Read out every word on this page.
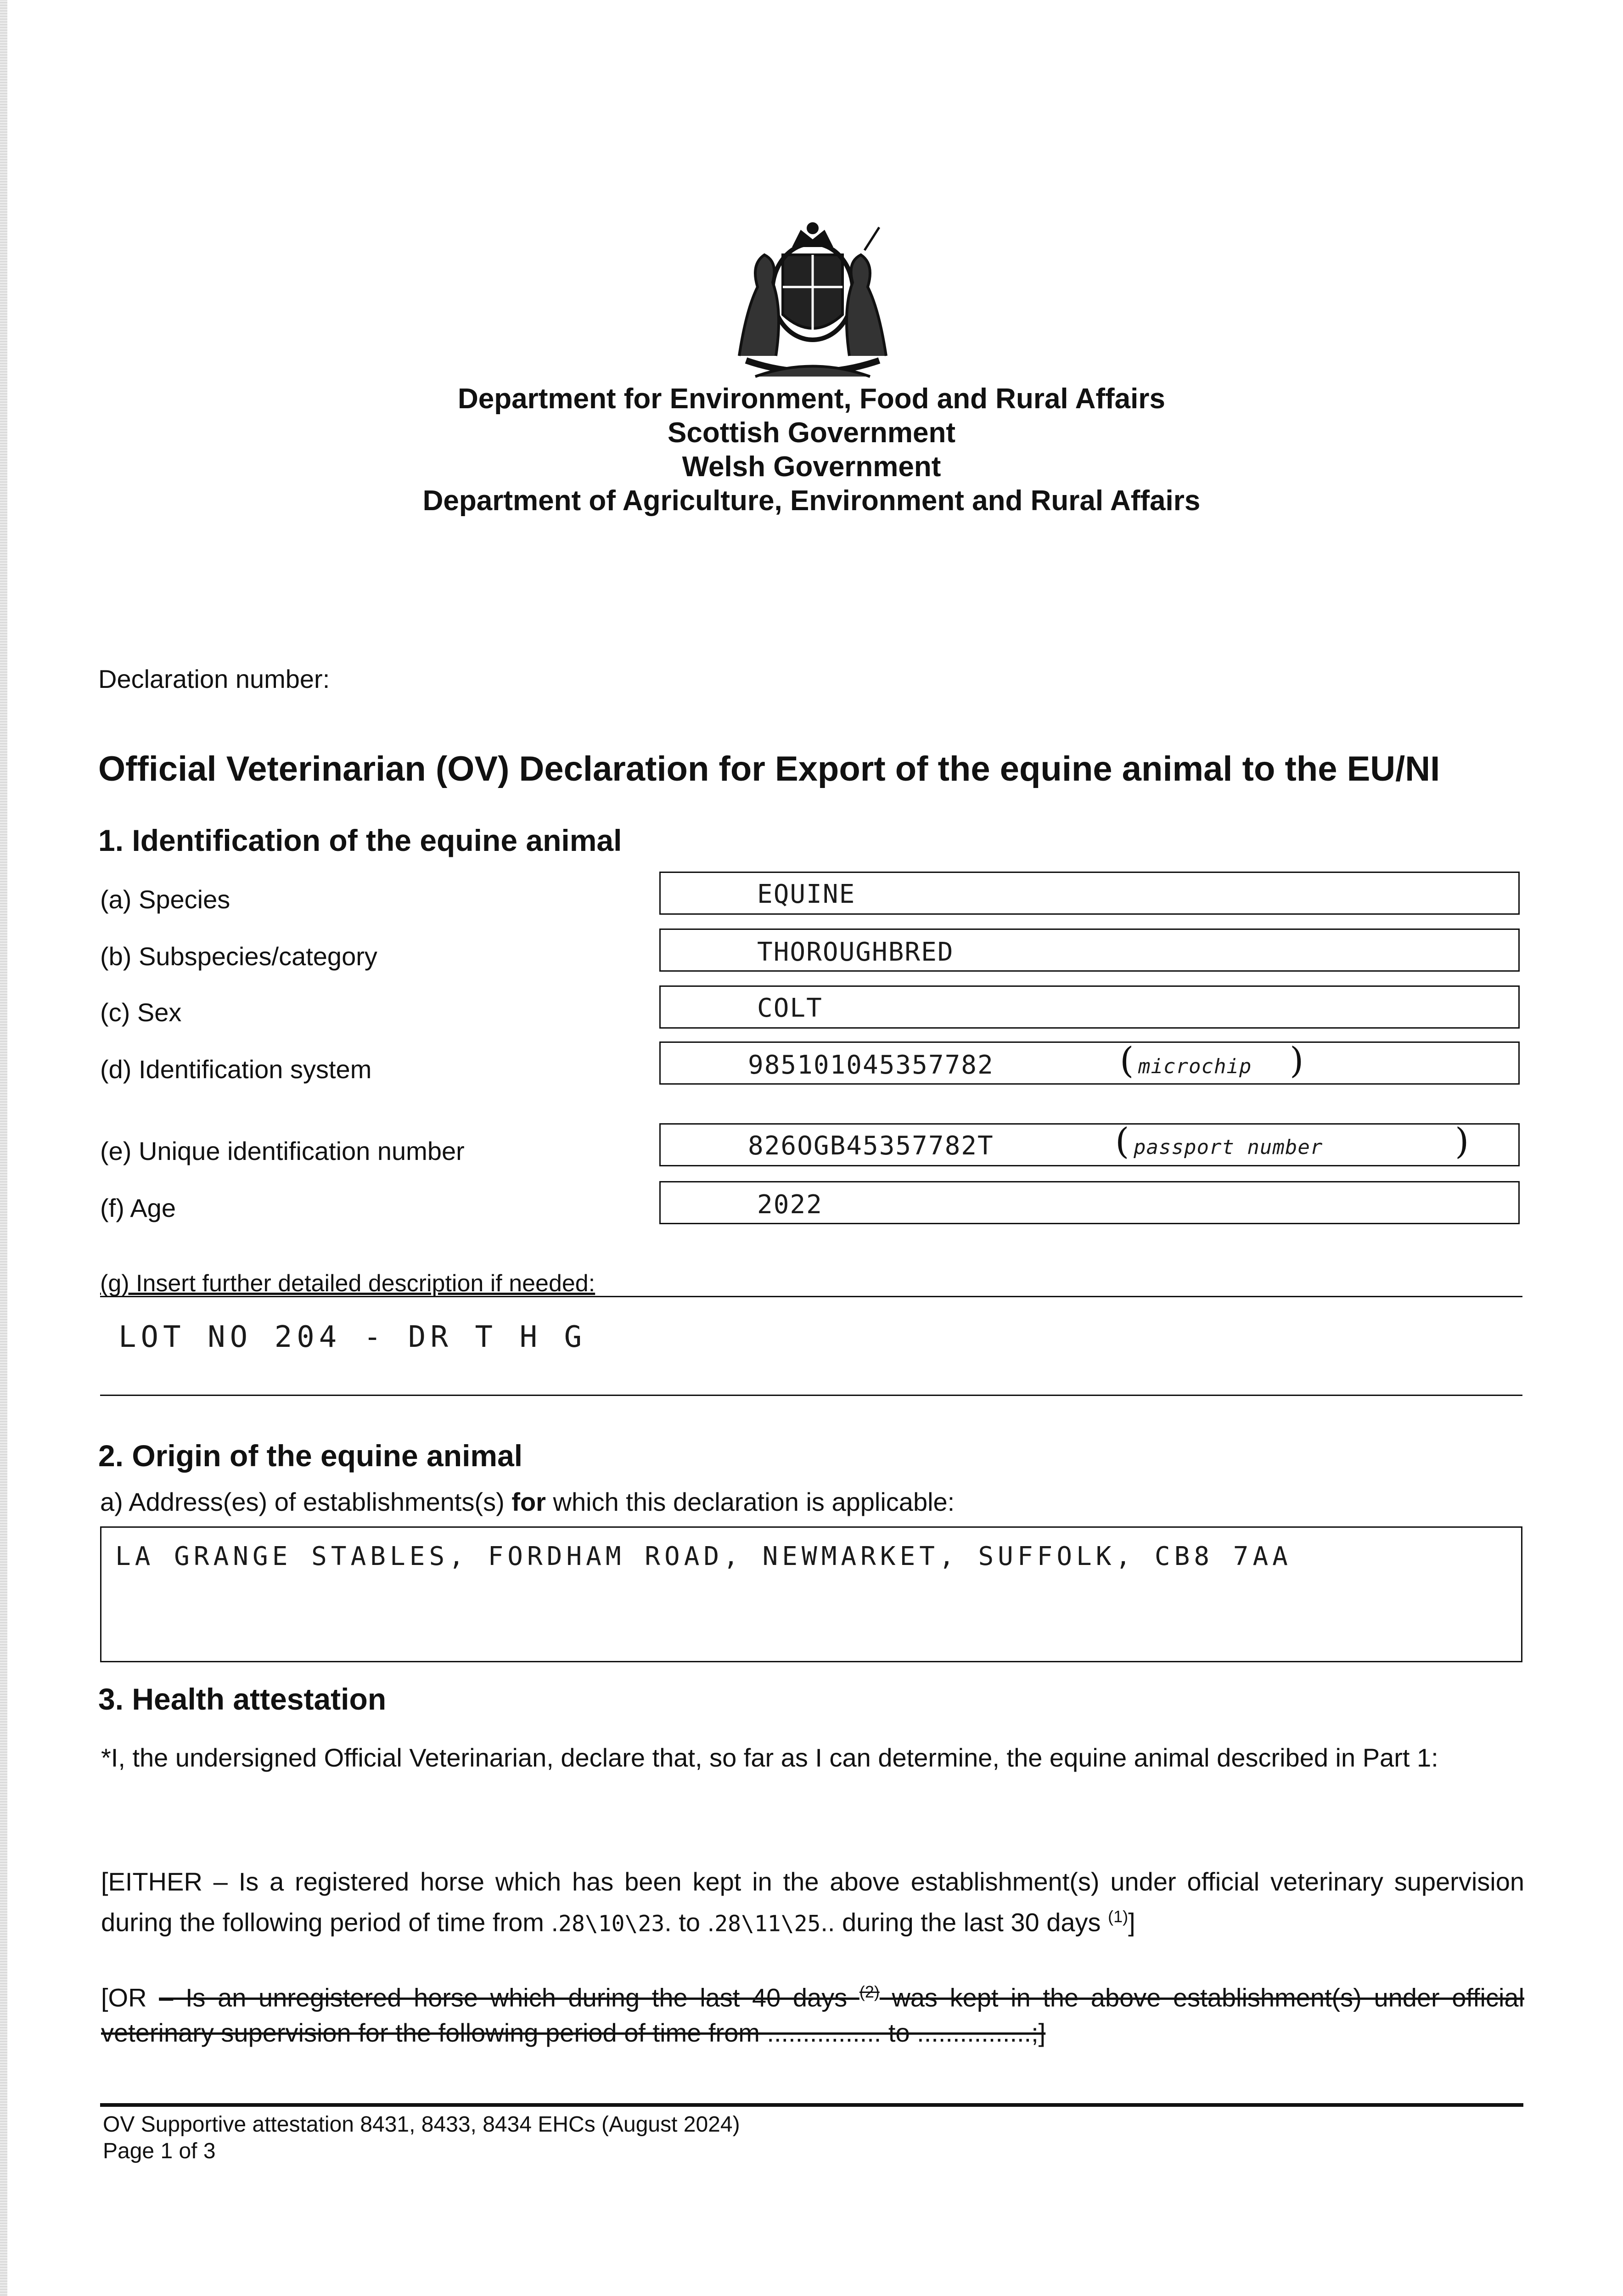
Department for Environment, Food and Rural Affairs
Scottish Government
Welsh Government
Department of Agriculture, Environment and Rural Affairs
Declaration number:
Official Veterinarian (OV) Declaration for Export of the equine animal to the EU/NI
1. Identification of the equine animal
(a) Species	EQUINE
(b) Subspecies/category	THOROUGHBRED
(c) Sex	COLT
(d) Identification system	985101045357782	( microchip )
(e) Unique identification number	826OGB45357782T	( passport number	)
(f) Age	2022
(g) Insert further detailed description if needed:
LOT NO 204 - DR T H G
2. Origin of the equine animal
a) Address(es) of establishments(s) for which this declaration is applicable:
LA GRANGE STABLES, FORDHAM ROAD, NEWMARKET, SUFFOLK, CB8 7AA
3. Health attestation
*I, the undersigned Official Veterinarian, declare that, so far as I can determine, the equine animal described in Part 1:
[EITHER – Is a registered horse which has been kept in the above establishment(s) under official veterinary supervision during the following period of time from .28\10\23. to .28\11\25.. during the last 30 days $^{(1)}$]
[OR – Is an unregistered horse which during the last 40 days $^{(2)}$ was kept in the above establishment(s) under official veterinary supervision for the following period of time from ................ to ................;]
OV Supportive attestation 8431, 8433, 8434 EHCs (August 2024)
Page 1 of 3
